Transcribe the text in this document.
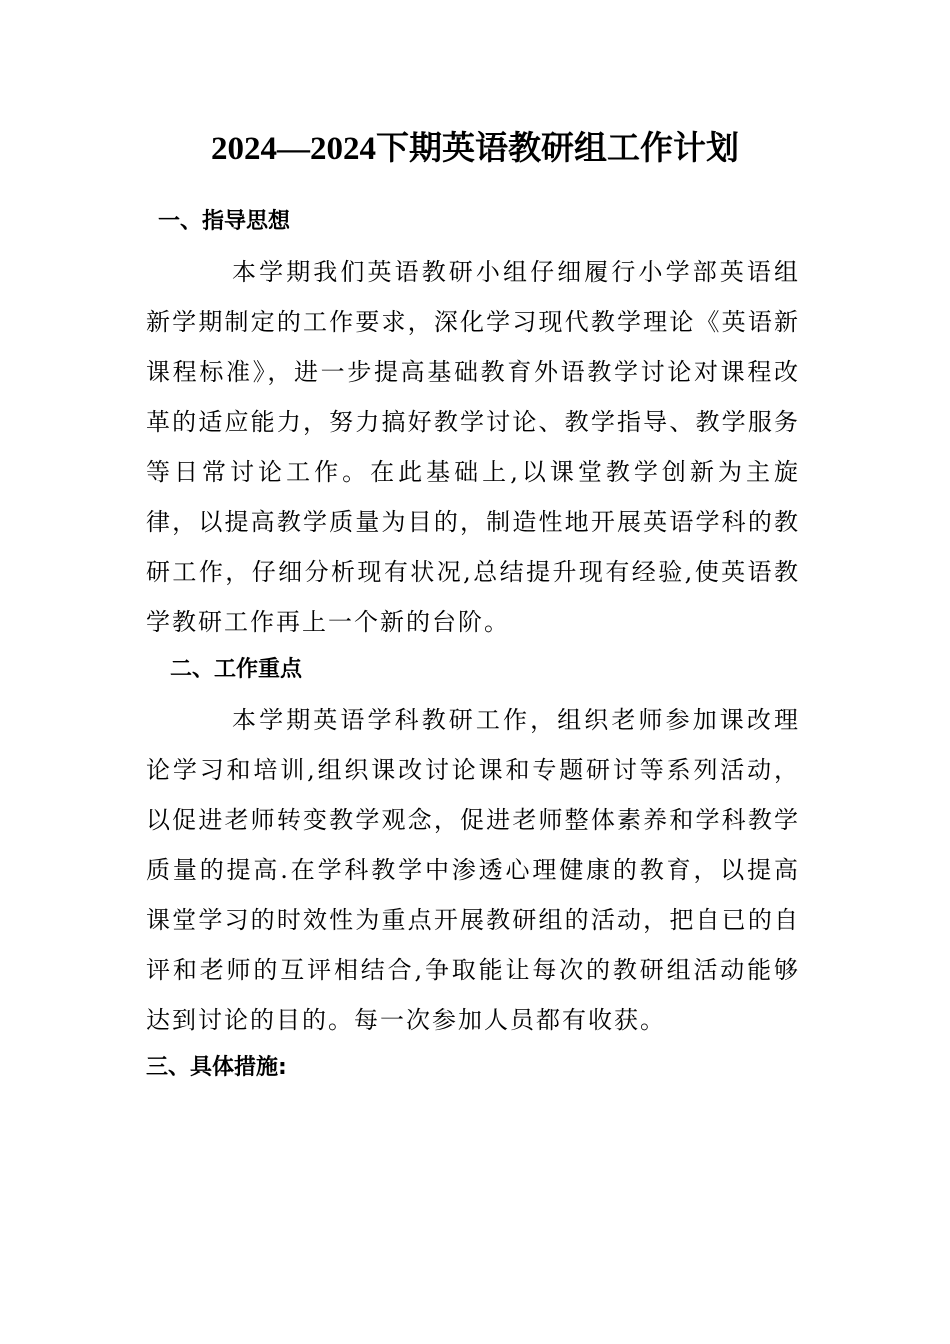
2024—2024下期英语教研组工作计划
一、指导思想

本学期我们英语教研小组仔细履行小学部英语组新学期制定的工作要求，深化学习现代教学理论《英语新课程标准》，进一步提高基础教育外语教学讨论对课程改革的适应能力，努力搞好教学讨论、教学指导、教学服务等日常讨论工作。在此基础上,以课堂教学创新为主旋律，以提高教学质量为目的，制造性地开展英语学科的教研工作，仔细分析现有状况,总结提升现有经验,使英语教学教研工作再上一个新的台阶。

二、工作重点

本学期英语学科教研工作，组织老师参加课改理论学习和培训,组织课改讨论课和专题研讨等系列活动，以促进老师转变教学观念，促进老师整体素养和学科教学质量的提高.在学科教学中渗透心理健康的教育，以提高课堂学习的时效性为重点开展教研组的活动，把自已的自评和老师的互评相结合,争取能让每次的教研组活动能够达到讨论的目的。每一次参加人员都有收获。

三、具体措施:
